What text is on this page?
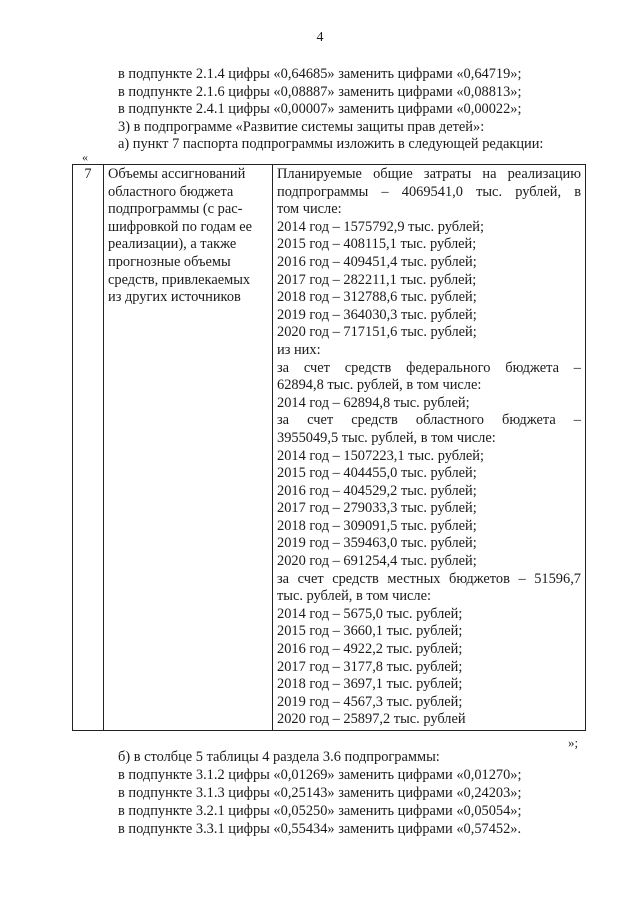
4

в подпункте 2.1.4 цифры «0,64685» заменить цифрами «0,64719»;

в подпункте 2.1.6 цифры «0,08887» заменить цифрами «0,08813»;

в подпункте 2.4.1 цифры «0,00007» заменить цифрами «0,00022»;

3) в подпрограмме «Развитие системы защиты прав детей»:

а) пункт 7 паспорта подпрограммы изложить в следующей редакции:

«
7	Объемы ассигнований
областного бюджета
подпрограммы (с рас-
шифровкой по годам ее
реализации), а также
прогнозные объемы
средств, привлекаемых
из других источников

Планируемые общие затраты на реализацию
подпрограммы – 4069541,0 тыс. рублей, в
том числе:
2014 год – 1575792,9 тыс. рублей;
2015 год – 408115,1 тыс. рублей;
2016 год – 409451,4 тыс. рублей;
2017 год – 282211,1 тыс. рублей;
2018 год – 312788,6 тыс. рублей;
2019 год – 364030,3 тыс. рублей;
2020 год – 717151,6 тыс. рублей;
из них:
за счет средств федерального бюджета –
62894,8 тыс. рублей, в том числе:
2014 год – 62894,8 тыс. рублей;
за счет средств областного бюджета –
3955049,5 тыс. рублей, в том числе:
2014 год – 1507223,1 тыс. рублей;
2015 год – 404455,0 тыс. рублей;
2016 год – 404529,2 тыс. рублей;
2017 год – 279033,3 тыс. рублей;
2018 год – 309091,5 тыс. рублей;
2019 год – 359463,0 тыс. рублей;
2020 год – 691254,4 тыс. рублей;
за счет средств местных бюджетов – 51596,7
тыс. рублей, в том числе:
2014 год – 5675,0 тыс. рублей;
2015 год – 3660,1 тыс. рублей;
2016 год – 4922,2 тыс. рублей;
2017 год – 3177,8 тыс. рублей;
2018 год – 3697,1 тыс. рублей;
2019 год – 4567,3 тыс. рублей;
2020 год – 25897,2 тыс. рублей
»;

б) в столбце 5 таблицы 4 раздела 3.6 подпрограммы:

в подпункте 3.1.2 цифры «0,01269» заменить цифрами «0,01270»;

в подпункте 3.1.3 цифры «0,25143» заменить цифрами «0,24203»;

в подпункте 3.2.1 цифры «0,05250» заменить цифрами «0,05054»;

в подпункте 3.3.1 цифры «0,55434» заменить цифрами «0,57452».
